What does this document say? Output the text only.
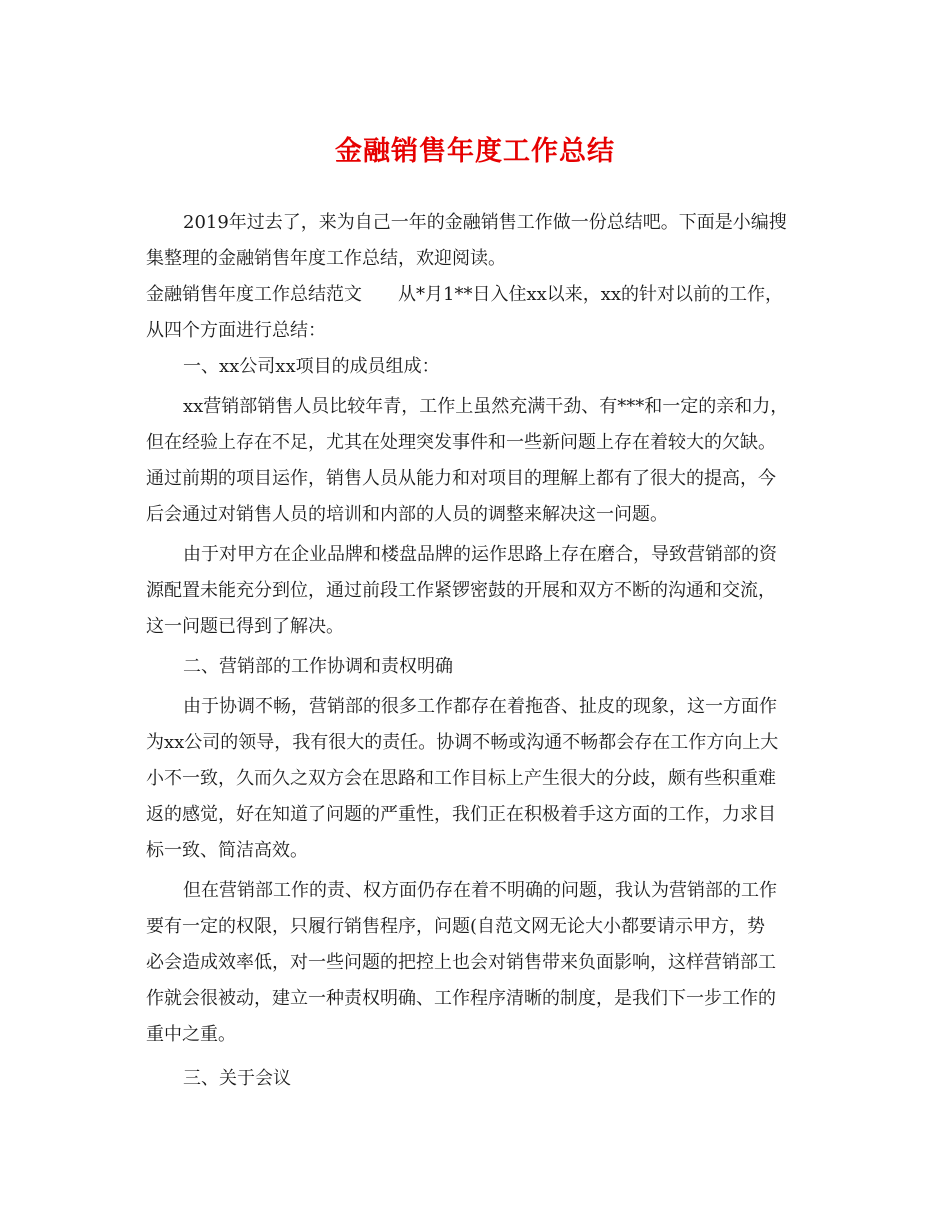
金融销售年度工作总结
2019年过去了，来为自己一年的金融销售工作做一份总结吧。下面是小编搜
集整理的金融销售年度工作总结，欢迎阅读。
金融销售年度工作总结范文　　从*月1**日入住xx以来，xx的针对以前的工作，
从四个方面进行总结：
一、xx公司xx项目的成员组成：
xx营销部销售人员比较年青，工作上虽然充满干劲、有***和一定的亲和力，
但在经验上存在不足，尤其在处理突发事件和一些新问题上存在着较大的欠缺。
通过前期的项目运作，销售人员从能力和对项目的理解上都有了很大的提高，今
后会通过对销售人员的培训和内部的人员的调整来解决这一问题。
由于对甲方在企业品牌和楼盘品牌的运作思路上存在磨合，导致营销部的资
源配置未能充分到位，通过前段工作紧锣密鼓的开展和双方不断的沟通和交流，
这一问题已得到了解决。
二、营销部的工作协调和责权明确
由于协调不畅，营销部的很多工作都存在着拖沓、扯皮的现象，这一方面作
为xx公司的领导，我有很大的责任。协调不畅或沟通不畅都会存在工作方向上大
小不一致，久而久之双方会在思路和工作目标上产生很大的分歧，颇有些积重难
返的感觉，好在知道了问题的严重性，我们正在积极着手这方面的工作，力求目
标一致、简洁高效。
但在营销部工作的责、权方面仍存在着不明确的问题，我认为营销部的工作
要有一定的权限，只履行销售程序，问题(自范文网无论大小都要请示甲方，势
必会造成效率低，对一些问题的把控上也会对销售带来负面影响，这样营销部工
作就会很被动，建立一种责权明确、工作程序清晰的制度，是我们下一步工作的
重中之重。
三、关于会议
